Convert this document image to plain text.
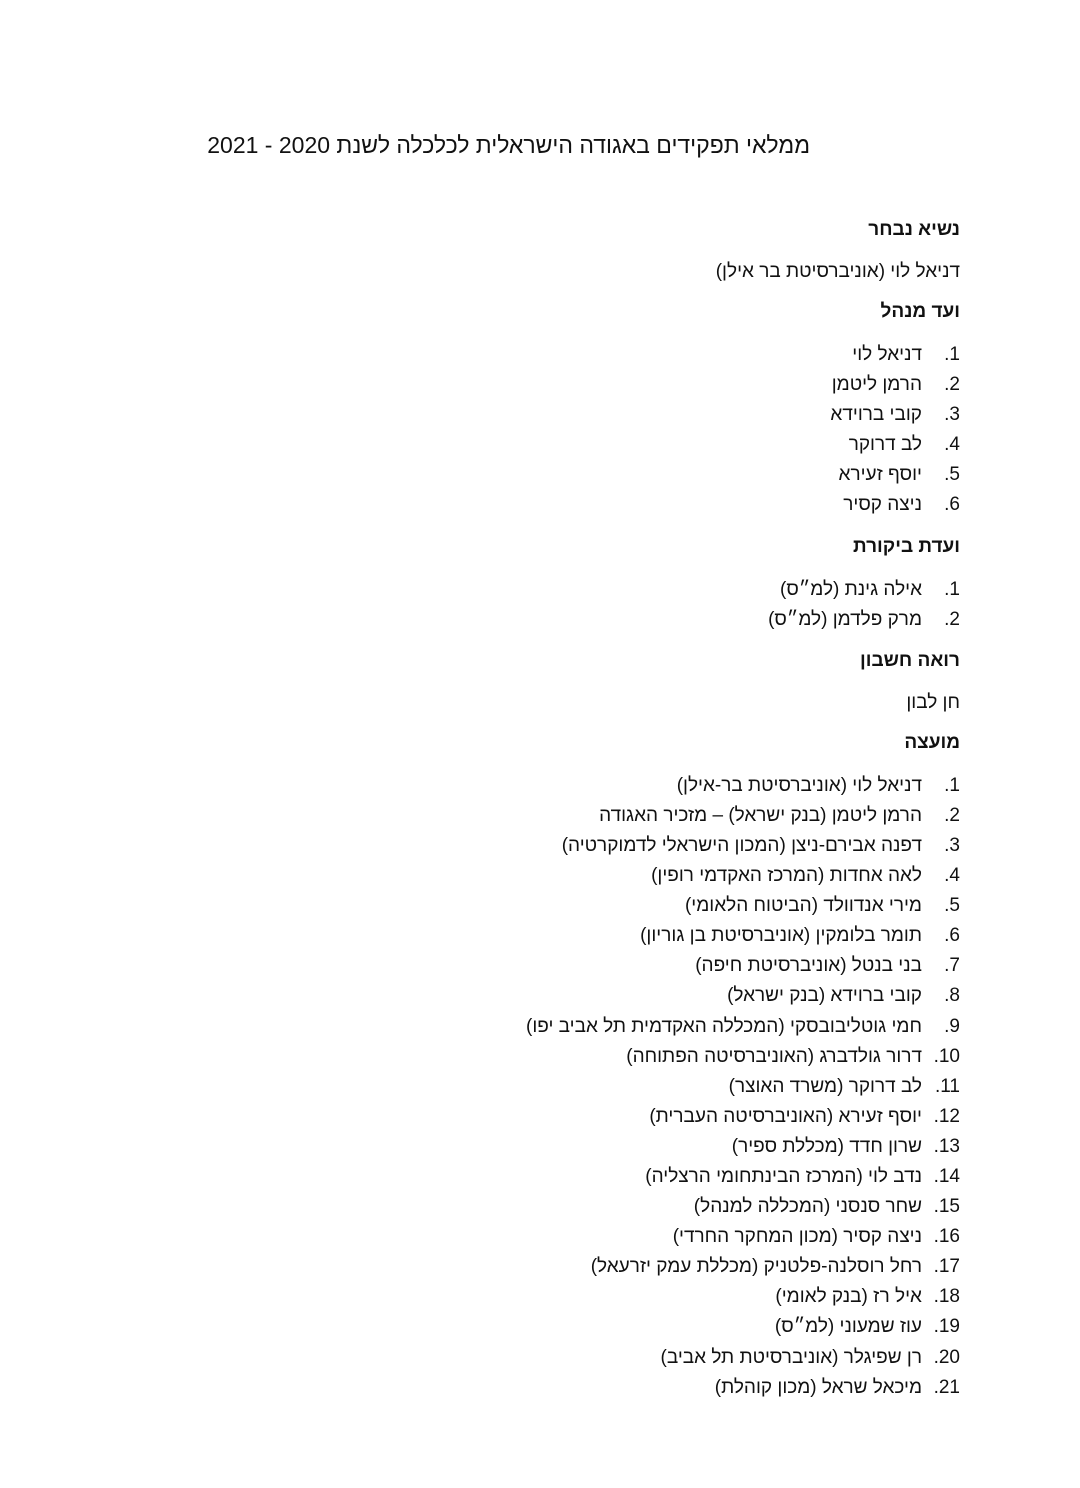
ממלאי תפקידים באגודה הישראלית לכלכלה לשנת 2020 - 2021

נשיא נבחר

דניאל לוי (אוניברסיטת בר אילן)

ועד מנהל

1.
דניאל לוי
2.
הרמן ליטמן
3.
קובי ברוידא
4.
לב דרוקר
5.
יוסף זעירא
6.
ניצה קסיר

ועדת ביקורת

1.
אילה גינת (למ״ס)
2.
מרק פלדמן (למ״ס)

רואה חשבון

חן לבון

מועצה

1.
דניאל לוי (אוניברסיטת בר-אילן)
2.
הרמן ליטמן (בנק ישראל) – מזכיר האגודה
3.
דפנה אבירם-ניצן (המכון הישראלי לדמוקרטיה)
4.
לאה אחדות (המרכז האקדמי רופין)
5.
מירי אנדוולד (הביטוח הלאומי)
6.
תומר בלומקין (אוניברסיטת בן גוריון)
7.
בני בנטל (אוניברסיטת חיפה)
8.
קובי ברוידא (בנק ישראל)
9.
חמי גוטליבובסקי (המכללה האקדמית תל אביב יפו)
10.
דרור גולדברג (האוניברסיטה הפתוחה)
11.
לב דרוקר (משרד האוצר)
12.
יוסף זעירא (האוניברסיטה העברית)
13.
שרון חדד (מכללת ספיר)
14.
נדב לוי (המרכז הבינתחומי הרצליה)
15.
שחר סנסני (המכללה למנהל)
16.
ניצה קסיר (מכון המחקר החרדי)
17.
רחל רוסלנה-פלטניק (מכללת עמק יזרעאל)
18.
איל רז (בנק לאומי)
19.
עוז שמעוני (למ״ס)
20.
רן שפיגלר (אוניברסיטת תל אביב)
21.
מיכאל שראל (מכון קוהלת)
